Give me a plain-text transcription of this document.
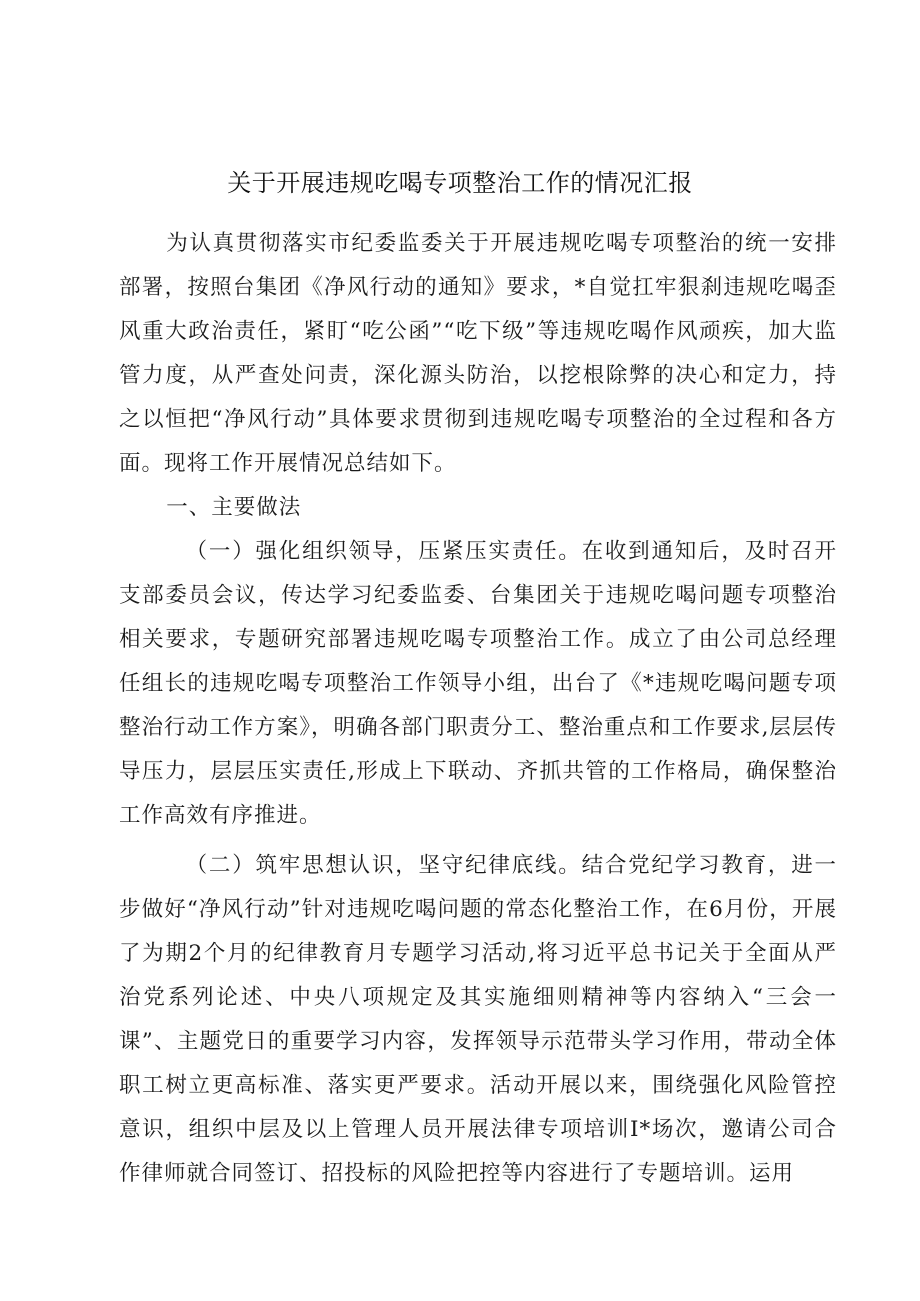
关于开展违规吃喝专项整治工作的情况汇报

为认真贯彻落实市纪委监委关于开展违规吃喝专项整治的统一安排部署，按照台集团《净风行动的通知》要求，*自觉扛牢狠刹违规吃喝歪风重大政治责任，紧盯“吃公函”“吃下级”等违规吃喝作风顽疾，加大监管力度，从严查处问责，深化源头防治，以挖根除弊的决心和定力，持之以恒把“净风行动”具体要求贯彻到违规吃喝专项整治的全过程和各方面。现将工作开展情况总结如下。

一、主要做法

（一）强化组织领导，压紧压实责任。在收到通知后，及时召开支部委员会议，传达学习纪委监委、台集团关于违规吃喝问题专项整治相关要求，专题研究部署违规吃喝专项整治工作。成立了由公司总经理任组长的违规吃喝专项整治工作领导小组，出台了《*违规吃喝问题专项整治行动工作方案》，明确各部门职责分工、整治重点和工作要求,层层传导压力，层层压实责任,形成上下联动、齐抓共管的工作格局，确保整治工作高效有序推进。

（二）筑牢思想认识，坚守纪律底线。结合党纪学习教育，进一步做好“净风行动”针对违规吃喝问题的常态化整治工作，在6月份，开展了为期2个月的纪律教育月专题学习活动,将习近平总书记关于全面从严治党系列论述、中央八项规定及其实施细则精神等内容纳入“三会一课”、主题党日的重要学习内容，发挥领导示范带头学习作用，带动全体职工树立更高标准、落实更严要求。活动开展以来，围绕强化风险管控意识，组织中层及以上管理人员开展法律专项培训I*场次，邀请公司合作律师就合同签订、招投标的风险把控等内容进行了专题培训。运用
